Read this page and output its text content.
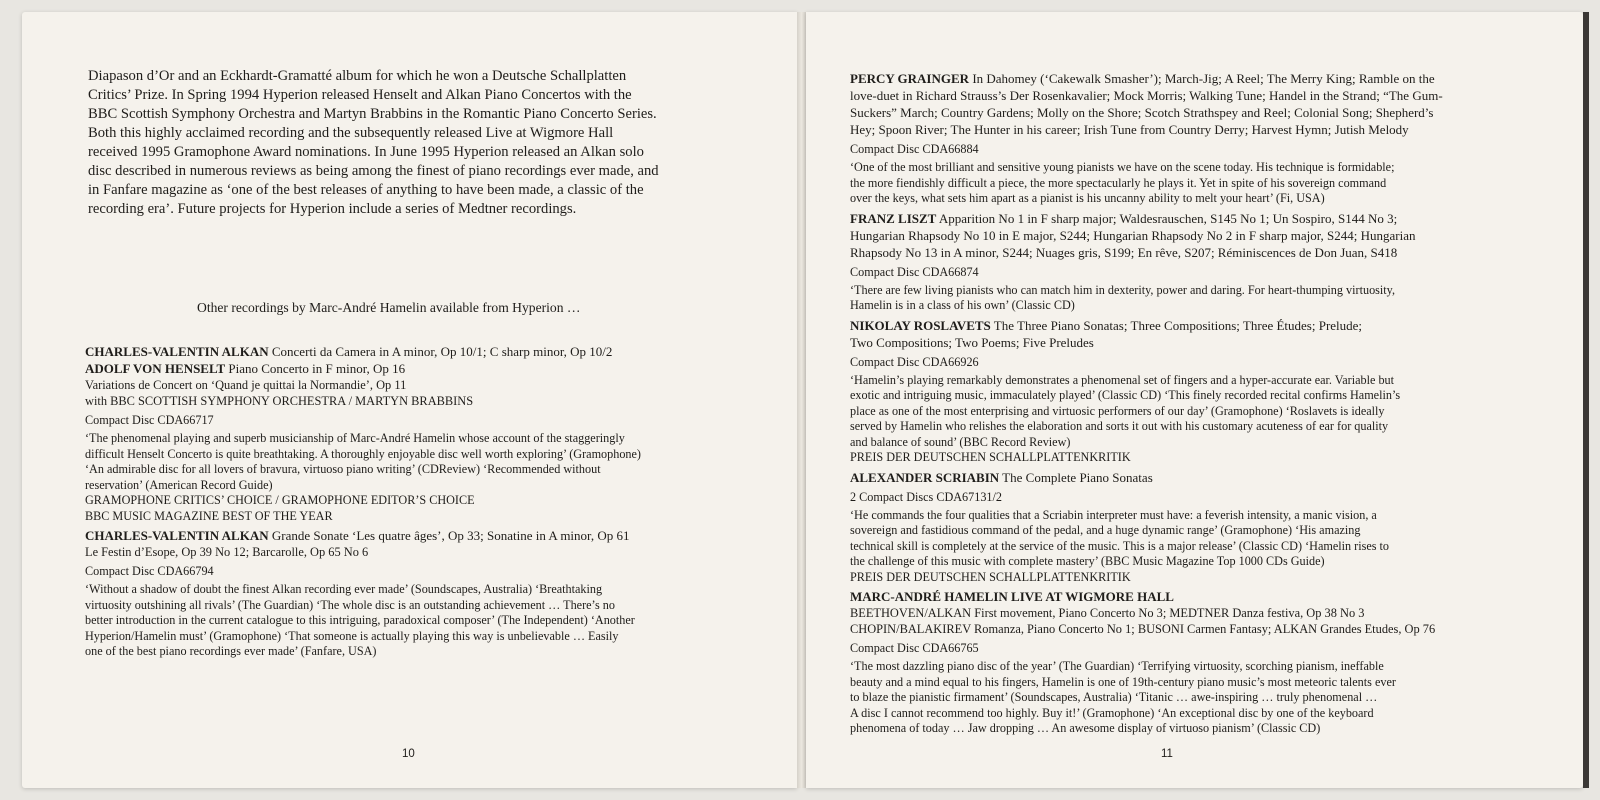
Diapason d’Or and an Eckhardt-Gramatté album for which he won a Deutsche Schallplatten
Critics’ Prize. In Spring 1994 Hyperion released Henselt and Alkan Piano Concertos with the
BBC Scottish Symphony Orchestra and Martyn Brabbins in the Romantic Piano Concerto Series.
Both this highly acclaimed recording and the subsequently released Live at Wigmore Hall
received 1995 Gramophone Award nominations. In June 1995 Hyperion released an Alkan solo
disc described in numerous reviews as being among the finest of piano recordings ever made, and
in Fanfare magazine as ‘one of the best releases of anything to have been made, a classic of the
recording era’. Future projects for Hyperion include a series of Medtner recordings.
Other recordings by Marc-André Hamelin available from Hyperion …
CHARLES-VALENTIN ALKAN Concerti da Camera in A minor, Op 10/1; C sharp minor, Op 10/2
ADOLF VON HENSELT Piano Concerto in F minor, Op 16
Variations de Concert on ‘Quand je quittai la Normandie’, Op 11
with BBC SCOTTISH SYMPHONY ORCHESTRA / MARTYN BRABBINS
Compact Disc CDA66717
‘The phenomenal playing and superb musicianship of Marc-André Hamelin whose account of the staggeringly
difficult Henselt Concerto is quite breathtaking. A thoroughly enjoyable disc well worth exploring’ (Gramophone)
‘An admirable disc for all lovers of bravura, virtuoso piano writing’ (CDReview) ‘Recommended without
reservation’ (American Record Guide)
GRAMOPHONE CRITICS’ CHOICE / GRAMOPHONE EDITOR’S CHOICE
BBC MUSIC MAGAZINE BEST OF THE YEAR
CHARLES-VALENTIN ALKAN Grande Sonate ‘Les quatre âges’, Op 33; Sonatine in A minor, Op 61
Le Festin d’Esope, Op 39 No 12; Barcarolle, Op 65 No 6
Compact Disc CDA66794
‘Without a shadow of doubt the finest Alkan recording ever made’ (Soundscapes, Australia) ‘Breathtaking
virtuosity outshining all rivals’ (The Guardian) ‘The whole disc is an outstanding achievement … There’s no
better introduction in the current catalogue to this intriguing, paradoxical composer’ (The Independent) ‘Another
Hyperion/Hamelin must’ (Gramophone) ‘That someone is actually playing this way is unbelievable … Easily
one of the best piano recordings ever made’ (Fanfare, USA)
10
PERCY GRAINGER In Dahomey (‘Cakewalk Smasher’); March-Jig; A Reel; The Merry King; Ramble on the
love-duet in Richard Strauss’s Der Rosenkavalier; Mock Morris; Walking Tune; Handel in the Strand; “The Gum-
Suckers” March; Country Gardens; Molly on the Shore; Scotch Strathspey and Reel; Colonial Song; Shepherd’s
Hey; Spoon River; The Hunter in his career; Irish Tune from Country Derry; Harvest Hymn; Jutish Melody
Compact Disc CDA66884
‘One of the most brilliant and sensitive young pianists we have on the scene today. His technique is formidable;
the more fiendishly difficult a piece, the more spectacularly he plays it. Yet in spite of his sovereign command
over the keys, what sets him apart as a pianist is his uncanny ability to melt your heart’ (Fi, USA)
FRANZ LISZT Apparition No 1 in F sharp major; Waldesrauschen, S145 No 1; Un Sospiro, S144 No 3;
Hungarian Rhapsody No 10 in E major, S244; Hungarian Rhapsody No 2 in F sharp major, S244; Hungarian
Rhapsody No 13 in A minor, S244; Nuages gris, S199; En rêve, S207; Réminiscences de Don Juan, S418
Compact Disc CDA66874
‘There are few living pianists who can match him in dexterity, power and daring. For heart-thumping virtuosity,
Hamelin is in a class of his own’ (Classic CD)
NIKOLAY ROSLAVETS The Three Piano Sonatas; Three Compositions; Three Études; Prelude;
Two Compositions; Two Poems; Five Preludes
Compact Disc CDA66926
‘Hamelin’s playing remarkably demonstrates a phenomenal set of fingers and a hyper-accurate ear. Variable but
exotic and intriguing music, immaculately played’ (Classic CD) ‘This finely recorded recital confirms Hamelin’s
place as one of the most enterprising and virtuosic performers of our day’ (Gramophone) ‘Roslavets is ideally
served by Hamelin who relishes the elaboration and sorts it out with his customary acuteness of ear for quality
and balance of sound’ (BBC Record Review)
PREIS DER DEUTSCHEN SCHALLPLATTENKRITIK
ALEXANDER SCRIABIN The Complete Piano Sonatas
2 Compact Discs CDA67131/2
‘He commands the four qualities that a Scriabin interpreter must have: a feverish intensity, a manic vision, a
sovereign and fastidious command of the pedal, and a huge dynamic range’ (Gramophone) ‘His amazing
technical skill is completely at the service of the music. This is a major release’ (Classic CD) ‘Hamelin rises to
the challenge of this music with complete mastery’ (BBC Music Magazine Top 1000 CDs Guide)
PREIS DER DEUTSCHEN SCHALLPLATTENKRITIK
MARC-ANDRÉ HAMELIN LIVE AT WIGMORE HALL
BEETHOVEN/ALKAN First movement, Piano Concerto No 3; MEDTNER Danza festiva, Op 38 No 3
CHOPIN/BALAKIREV Romanza, Piano Concerto No 1; BUSONI Carmen Fantasy; ALKAN Grandes Etudes, Op 76
Compact Disc CDA66765
‘The most dazzling piano disc of the year’ (The Guardian) ‘Terrifying virtuosity, scorching pianism, ineffable
beauty and a mind equal to his fingers, Hamelin is one of 19th-century piano music’s most meteoric talents ever
to blaze the pianistic firmament’ (Soundscapes, Australia) ‘Titanic … awe-inspiring … truly phenomenal …
A disc I cannot recommend too highly. Buy it!’ (Gramophone) ‘An exceptional disc by one of the keyboard
phenomena of today … Jaw dropping … An awesome display of virtuoso pianism’ (Classic CD)
11
